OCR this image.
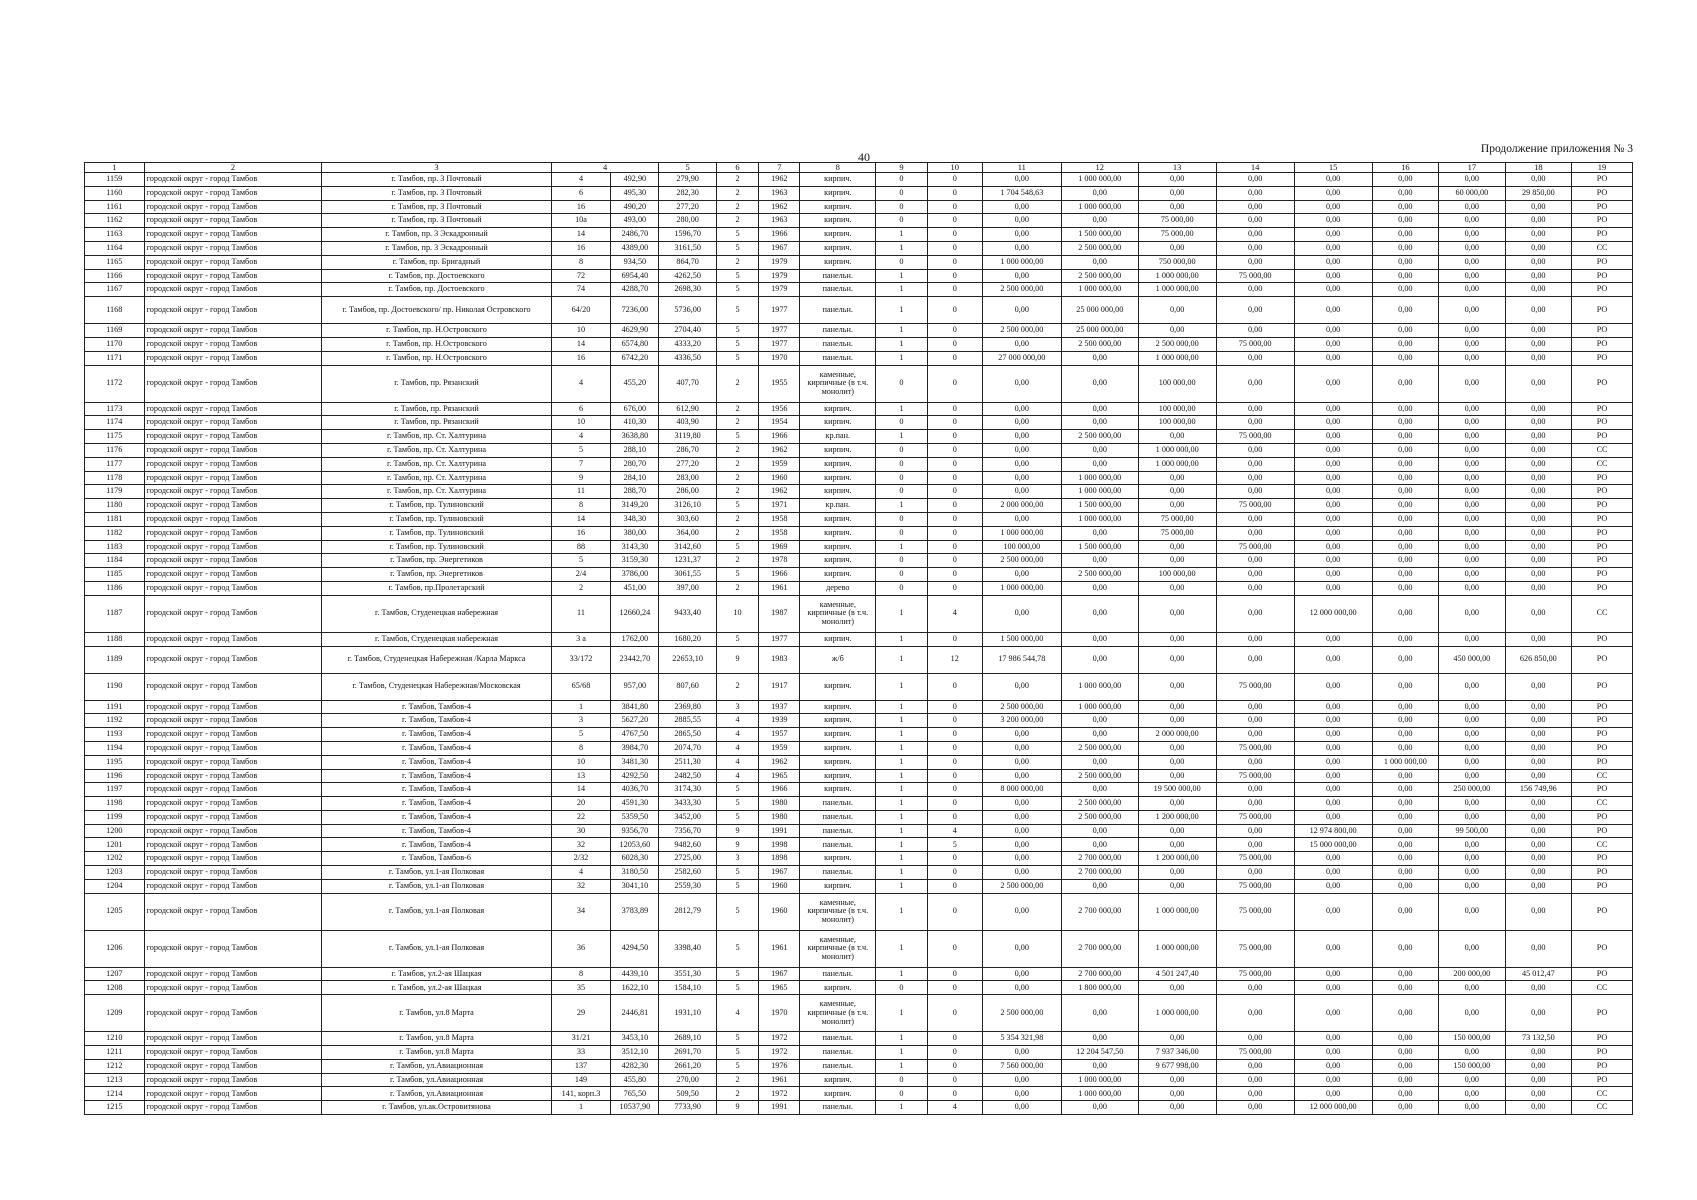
40
Продолжение приложения № 3
1	2	3	4		5	6	7	8	9	10	11	12	13	14	15	16	17	18	19
1159	городской округ - город Тамбов	г. Тамбов, пр. 3 Почтовый	4	492,90	279,90	2	1962	кирпич.	0	0	0,00	1 000 000,00	0,00	0,00	0,00	0,00	0,00	0,00	РО
1160	городской округ - город Тамбов	г. Тамбов, пр. 3 Почтовый	6	495,30	282,30	2	1963	кирпич.	0	0	1 704 548,63	0,00	0,00	0,00	0,00	0,00	60 000,00	29 850,00	РО
1161	городской округ - город Тамбов	г. Тамбов, пр. 3 Почтовый	16	490,20	277,20	2	1962	кирпич.	0	0	0,00	1 000 000,00	0,00	0,00	0,00	0,00	0,00	0,00	РО
1162	городской округ - город Тамбов	г. Тамбов, пр. 3 Почтовый	10а	493,00	280,00	2	1963	кирпич.	0	0	0,00	0,00	75 000,00	0,00	0,00	0,00	0,00	0,00	РО
1163	городской округ - город Тамбов	г. Тамбов, пр. 3 Эскадронный	14	2486,70	1596,70	5	1966	кирпич.	1	0	0,00	1 500 000,00	75 000,00	0,00	0,00	0,00	0,00	0,00	РО
1164	городской округ - город Тамбов	г. Тамбов, пр. 3 Эскадронный	16	4389,00	3161,50	5	1967	кирпич.	1	0	0,00	2 500 000,00	0,00	0,00	0,00	0,00	0,00	0,00	СС
1165	городской округ - город Тамбов	г. Тамбов, пр. Бригадный	8	934,50	864,70	2	1979	кирпич.	0	0	1 000 000,00	0,00	750 000,00	0,00	0,00	0,00	0,00	0,00	РО
1166	городской округ - город Тамбов	г. Тамбов, пр. Достоевского	72	6954,40	4262,50	5	1979	панельн.	1	0	0,00	2 500 000,00	1 000 000,00	75 000,00	0,00	0,00	0,00	0,00	РО
1167	городской округ - город Тамбов	г. Тамбов, пр. Достоевского	74	4288,70	2698,30	5	1979	панельн.	1	0	2 500 000,00	1 000 000,00	1 000 000,00	0,00	0,00	0,00	0,00	0,00	РО
1168	городской округ - город Тамбов	г. Тамбов, пр. Достоевского/ пр. Николая Островского	64/20	7236,00	5736,00	5	1977	панельн.	1	0	0,00	25 000 000,00	0,00	0,00	0,00	0,00	0,00	0,00	РО
1169	городской округ - город Тамбов	г. Тамбов, пр. Н.Островского	10	4629,90	2704,40	5	1977	панельн.	1	0	2 500 000,00	25 000 000,00	0,00	0,00	0,00	0,00	0,00	0,00	РО
1170	городской округ - город Тамбов	г. Тамбов, пр. Н.Островского	14	6574,80	4333,20	5	1977	панельн.	1	0	0,00	2 500 000,00	2 500 000,00	75 000,00	0,00	0,00	0,00	0,00	РО
1171	городской округ - город Тамбов	г. Тамбов, пр. Н.Островского	16	6742,20	4336,50	5	1970	панельн.	1	0	27 000 000,00	0,00	1 000 000,00	0,00	0,00	0,00	0,00	0,00	РО
1172	городской округ - город Тамбов	г. Тамбов, пр. Рязанский	4	455,20	407,70	2	1955	каменные, кирпичные (в т.ч. монолит)	0	0	0,00	0,00	100 000,00	0,00	0,00	0,00	0,00	0,00	РО
1173	городской округ - город Тамбов	г. Тамбов, пр. Рязанский	6	676,00	612,90	2	1956	кирпич.	1	0	0,00	0,00	100 000,00	0,00	0,00	0,00	0,00	0,00	РО
1174	городской округ - город Тамбов	г. Тамбов, пр. Рязанский	10	410,30	403,90	2	1954	кирпич.	0	0	0,00	0,00	100 000,00	0,00	0,00	0,00	0,00	0,00	РО
1175	городской округ - город Тамбов	г. Тамбов, пр. Ст. Халтурина	4	3638,80	3119,80	5	1966	кр.пан.	1	0	0,00	2 500 000,00	0,00	75 000,00	0,00	0,00	0,00	0,00	РО
1176	городской округ - город Тамбов	г. Тамбов, пр. Ст. Халтурина	5	288,10	286,70	2	1962	кирпич.	0	0	0,00	0,00	1 000 000,00	0,00	0,00	0,00	0,00	0,00	СС
1177	городской округ - город Тамбов	г. Тамбов, пр. Ст. Халтурина	7	280,70	277,20	2	1959	кирпич.	0	0	0,00	0,00	1 000 000,00	0,00	0,00	0,00	0,00	0,00	СС
1178	городской округ - город Тамбов	г. Тамбов, пр. Ст. Халтурина	9	284,10	283,00	2	1960	кирпич.	0	0	0,00	1 000 000,00	0,00	0,00	0,00	0,00	0,00	0,00	РО
1179	городской округ - город Тамбов	г. Тамбов, пр. Ст. Халтурина	11	288,70	286,00	2	1962	кирпич.	0	0	0,00	1 000 000,00	0,00	0,00	0,00	0,00	0,00	0,00	РО
1180	городской округ - город Тамбов	г. Тамбов, пр. Тулиновский	8	3149,20	3126,10	5	1971	кр.пан.	1	0	2 000 000,00	1 500 000,00	0,00	75 000,00	0,00	0,00	0,00	0,00	РО
1181	городской округ - город Тамбов	г. Тамбов, пр. Тулиновский	14	348,30	303,60	2	1958	кирпич.	0	0	0,00	1 000 000,00	75 000,00	0,00	0,00	0,00	0,00	0,00	РО
1182	городской округ - город Тамбов	г. Тамбов, пр. Тулиновский	16	380,00	364,00	2	1958	кирпич.	0	0	1 000 000,00	0,00	75 000,00	0,00	0,00	0,00	0,00	0,00	РО
1183	городской округ - город Тамбов	г. Тамбов, пр. Тулиновский	88	3143,30	3142,60	5	1969	кирпич.	1	0	100 000,00	1 500 000,00	0,00	75 000,00	0,00	0,00	0,00	0,00	РО
1184	городской округ - город Тамбов	г. Тамбов, пр. Энергетиков	5	3159,30	1231,37	2	1978	кирпич.	0	0	2 500 000,00	0,00	0,00	0,00	0,00	0,00	0,00	0,00	РО
1185	городской округ - город Тамбов	г. Тамбов, пр. Энергетиков	2/4	3786,00	3061,55	5	1966	кирпич.	0	0	0,00	2 500 000,00	100 000,00	0,00	0,00	0,00	0,00	0,00	РО
1186	городской округ - город Тамбов	г. Тамбов, пр.Пролетарский	2	451,00	397,00	2	1961	дерево	0	0	1 000 000,00	0,00	0,00	0,00	0,00	0,00	0,00	0,00	РО
1187	городской округ - город Тамбов	г. Тамбов, Студенецкая набережная	11	12660,24	9433,40	10	1987	каменные, кирпичные (в т.ч. монолит)	1	4	0,00	0,00	0,00	0,00	12 000 000,00	0,00	0,00	0,00	СС
1188	городской округ - город Тамбов	г. Тамбов, Студенецкая набережная	3 а	1762,00	1680,20	5	1977	кирпич.	1	0	1 500 000,00	0,00	0,00	0,00	0,00	0,00	0,00	0,00	РО
1189	городской округ - город Тамбов	г. Тамбов, Студенецкая Набережная /Карла Маркса	33/172	23442,70	22653,10	9	1983	ж/б	1	12	17 986 544,78	0,00	0,00	0,00	0,00	0,00	450 000,00	626 850,00	РО
1190	городской округ - город Тамбов	г. Тамбов, Студенецкая Набережная/Московская	65/68	957,00	807,60	2	1917	кирпич.	1	0	0,00	1 000 000,00	0,00	75 000,00	0,00	0,00	0,00	0,00	РО
1191	городской округ - город Тамбов	г. Тамбов, Тамбов-4	1	3841,80	2369,80	3	1937	кирпич.	1	0	2 500 000,00	1 000 000,00	0,00	0,00	0,00	0,00	0,00	0,00	РО
1192	городской округ - город Тамбов	г. Тамбов, Тамбов-4	3	5627,20	2885,55	4	1939	кирпич.	1	0	3 200 000,00	0,00	0,00	0,00	0,00	0,00	0,00	0,00	РО
1193	городской округ - город Тамбов	г. Тамбов, Тамбов-4	5	4767,50	2865,50	4	1957	кирпич.	1	0	0,00	0,00	2 000 000,00	0,00	0,00	0,00	0,00	0,00	РО
1194	городской округ - город Тамбов	г. Тамбов, Тамбов-4	8	3984,70	2074,70	4	1959	кирпич.	1	0	0,00	2 500 000,00	0,00	75 000,00	0,00	0,00	0,00	0,00	РО
1195	городской округ - город Тамбов	г. Тамбов, Тамбов-4	10	3481,30	2511,30	4	1962	кирпич.	1	0	0,00	0,00	0,00	0,00	0,00	1 000 000,00	0,00	0,00	РО
1196	городской округ - город Тамбов	г. Тамбов, Тамбов-4	13	4292,50	2482,50	4	1965	кирпич.	1	0	0,00	2 500 000,00	0,00	75 000,00	0,00	0,00	0,00	0,00	СС
1197	городской округ - город Тамбов	г. Тамбов, Тамбов-4	14	4036,70	3174,30	5	1966	кирпич.	1	0	8 000 000,00	0,00	19 500 000,00	0,00	0,00	0,00	250 000,00	156 749,96	РО
1198	городской округ - город Тамбов	г. Тамбов, Тамбов-4	20	4591,30	3433,30	5	1980	панельн.	1	0	0,00	2 500 000,00	0,00	0,00	0,00	0,00	0,00	0,00	СС
1199	городской округ - город Тамбов	г. Тамбов, Тамбов-4	22	5359,50	3452,00	5	1980	панельн.	1	0	0,00	2 500 000,00	1 200 000,00	75 000,00	0,00	0,00	0,00	0,00	РО
1200	городской округ - город Тамбов	г. Тамбов, Тамбов-4	30	9356,70	7356,70	9	1991	панельн.	1	4	0,00	0,00	0,00	0,00	12 974 800,00	0,00	99 500,00	0,00	РО
1201	городской округ - город Тамбов	г. Тамбов, Тамбов-4	32	12053,60	9482,60	9	1998	панельн.	1	5	0,00	0,00	0,00	0,00	15 000 000,00	0,00	0,00	0,00	СС
1202	городской округ - город Тамбов	г. Тамбов, Тамбов-6	2/32	6028,30	2725,00	3	1898	кирпич.	1	0	0,00	2 700 000,00	1 200 000,00	75 000,00	0,00	0,00	0,00	0,00	РО
1203	городской округ - город Тамбов	г. Тамбов, ул.1-ая Полковая	4	3180,50	2582,60	5	1967	панельн.	1	0	0,00	2 700 000,00	0,00	0,00	0,00	0,00	0,00	0,00	РО
1204	городской округ - город Тамбов	г. Тамбов, ул.1-ая Полковая	32	3041,10	2559,30	5	1960	кирпич.	1	0	2 500 000,00	0,00	0,00	75 000,00	0,00	0,00	0,00	0,00	РО
1205	городской округ - город Тамбов	г. Тамбов, ул.1-ая Полковая	34	3783,89	2812,79	5	1960	каменные, кирпичные (в т.ч. монолит)	1	0	0,00	2 700 000,00	1 000 000,00	75 000,00	0,00	0,00	0,00	0,00	РО
1206	городской округ - город Тамбов	г. Тамбов, ул.1-ая Полковая	36	4294,50	3398,40	5	1961	каменные, кирпичные (в т.ч. монолит)	1	0	0,00	2 700 000,00	1 000 000,00	75 000,00	0,00	0,00	0,00	0,00	РО
1207	городской округ - город Тамбов	г. Тамбов, ул.2-ая Шацкая	8	4439,10	3551,30	5	1967	панельн.	1	0	0,00	2 700 000,00	4 501 247,40	75 000,00	0,00	0,00	200 000,00	45 012,47	РО
1208	городской округ - город Тамбов	г. Тамбов, ул.2-ая Шацкая	35	1622,10	1584,10	5	1965	кирпич.	0	0	0,00	1 800 000,00	0,00	0,00	0,00	0,00	0,00	0,00	СС
1209	городской округ - город Тамбов	г. Тамбов, ул.8 Марта	29	2446,81	1931,10	4	1970	каменные, кирпичные (в т.ч. монолит)	1	0	2 500 000,00	0,00	1 000 000,00	0,00	0,00	0,00	0,00	0,00	РО
1210	городской округ - город Тамбов	г. Тамбов, ул.8 Марта	31/21	3453,10	2689,10	5	1972	панельн.	1	0	5 354 321,98	0,00	0,00	0,00	0,00	0,00	150 000,00	73 132,50	РО
1211	городской округ - город Тамбов	г. Тамбов, ул.8 Марта	33	3512,10	2691,70	5	1972	панельн.	1	0	0,00	12 204 547,50	7 937 346,00	75 000,00	0,00	0,00	0,00	0,00	РО
1212	городской округ - город Тамбов	г. Тамбов, ул.Авиационная	137	4282,30	2661,20	5	1976	панельн.	1	0	7 560 000,00	0,00	9 677 998,00	0,00	0,00	0,00	150 000,00	0,00	РО
1213	городской округ - город Тамбов	г. Тамбов, ул.Авиационная	149	455,80	270,00	2	1961	кирпич.	0	0	0,00	1 000 000,00	0,00	0,00	0,00	0,00	0,00	0,00	РО
1214	городской округ - город Тамбов	г. Тамбов, ул.Авиационная	141, корп.3	765,50	509,50	2	1972	кирпич.	0	0	0,00	1 000 000,00	0,00	0,00	0,00	0,00	0,00	0,00	СС
1215	городской округ - город Тамбов	г. Тамбов, ул.ак.Островитянова	1	10537,90	7733,90	9	1991	панельн.	1	4	0,00	0,00	0,00	0,00	12 000 000,00	0,00	0,00	0,00	СС
